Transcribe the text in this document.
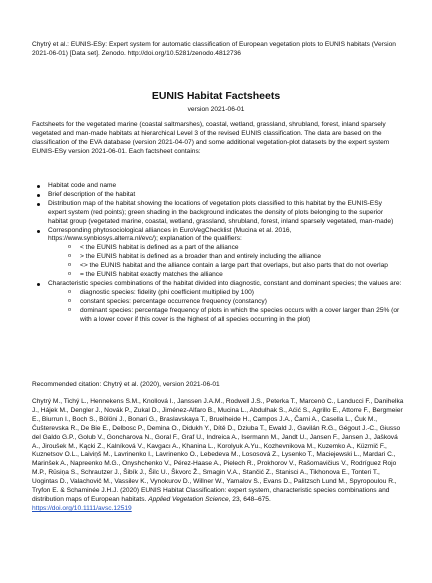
Chytrý et al.: EUNIS-ESy: Expert system for automatic classification of European vegetation plots to EUNIS habitats (Version 2021-06-01) [Data set]. Zenodo. http://doi.org/10.5281/zenodo.4812736
EUNIS Habitat Factsheets
version 2021-06-01
Factsheets for the vegetated marine (coastal saltmarshes), coastal, wetland, grassland, shrubland, forest, inland sparsely vegetated and man-made habitats at hierarchical Level 3 of the revised EUNIS classification. The data are based on the classification of the EVA database (version 2021-04-07) and some additional vegetation-plot datasets by the expert system EUNIS-ESy version 2021-06-01. Each factsheet contains:
Habitat code and name
Brief description of the habitat
Distribution map of the habitat showing the locations of vegetation plots classified to this habitat by the EUNIS-ESy expert system (red points); green shading in the background indicates the density of plots belonging to the superior habitat group (vegetated marine, coastal, wetland, grassland, shrubland, forest, inland sparsely vegetated, man-made)
Corresponding phytosociological alliances in EuroVegChecklist (Mucina et al. 2016, https://www.synbiosys.alterra.nl/evc/); explanation of the qualifiers:
o < the EUNIS habitat is defined as a part of the alliance
o > the EUNIS habitat is defined as a broader than and entirely including the alliance
o <> the EUNIS habitat and the alliance contain a large part that overlaps, but also parts that do not overlap
o = the EUNIS habitat exactly matches the alliance
Characteristic species combinations of the habitat divided into diagnostic, constant and dominant species; the values are:
o diagnostic species: fidelity (phi coefficient multiplied by 100)
o constant species: percentage occurrence frequency (constancy)
o dominant species: percentage frequency of plots in which the species occurs with a cover larger than 25% (or with a lower cover if this cover is the highest of all species occurring in the plot)
Recommended citation: Chytrý et al. (2020), version 2021-06-01
Chytrý M., Tichý L., Hennekens S.M., Knollová I., Janssen J.A.M., Rodwell J.S., Peterka T., Marcenò C., Landucci F., Danihelka J., Hájek M., Dengler J., Novák P., Zukal D., Jiménez-Alfaro B., Mucina L., Abdulhak S., Aćić S., Agrillo E., Attorre F., Bergmeier E., Biurrun I., Boch S., Bölöni J., Bonari G., Braslavskaya T., Bruelheide H., Campos J.A., Čarni A., Casella L., Ćuk M., Ćušterevska R., De Bie E., Delbosc P., Demina O., Didukh Y., Dítě D., Dziuba T., Ewald J., Gavilán R.G., Gégout J.-C., Giusso del Galdo G.P., Golub V., Goncharova N., Goral F., Graf U., Indreica A., Isermann M., Jandt U., Jansen F., Jansen J., Jašková A., Jiroušek M., Kącki Z., Kalníková V., Kavgacı A., Khanina L., Korolyuk A.Yu., Kozhevnikova M., Kuzemko A., Küzmič F., Kuznetsov O.L., Laiviņš M., Lavrinenko I., Lavrinenko O., Lebedeva M., Lososová Z., Lysenko T., Maciejewski L., Mardari C., Marinšek A., Napreenko M.G., Onyshchenko V., Pérez-Haase A., Pielech R., Prokhorov V., Rašomavičius V., Rodríguez Rojo M.P., Rūsiņa S., Schrautzer J., Šibík J., Šilc U., Škvorc Ž., Smagin V.A., Stančić Z., Stanisci A., Tikhonova E., Tonteri T., Uogintas D., Valachovič M., Vassilev K., Vynokurov D., Willner W., Yamalov S., Evans D., Palitzsch Lund M., Spyropoulou R., Tryfon E. & Schaminée J.H.J. (2020) EUNIS Habitat Classification: expert system, characteristic species combinations and distribution maps of European habitats. Applied Vegetation Science, 23, 648–675.
https://doi.org/10.1111/avsc.12519
